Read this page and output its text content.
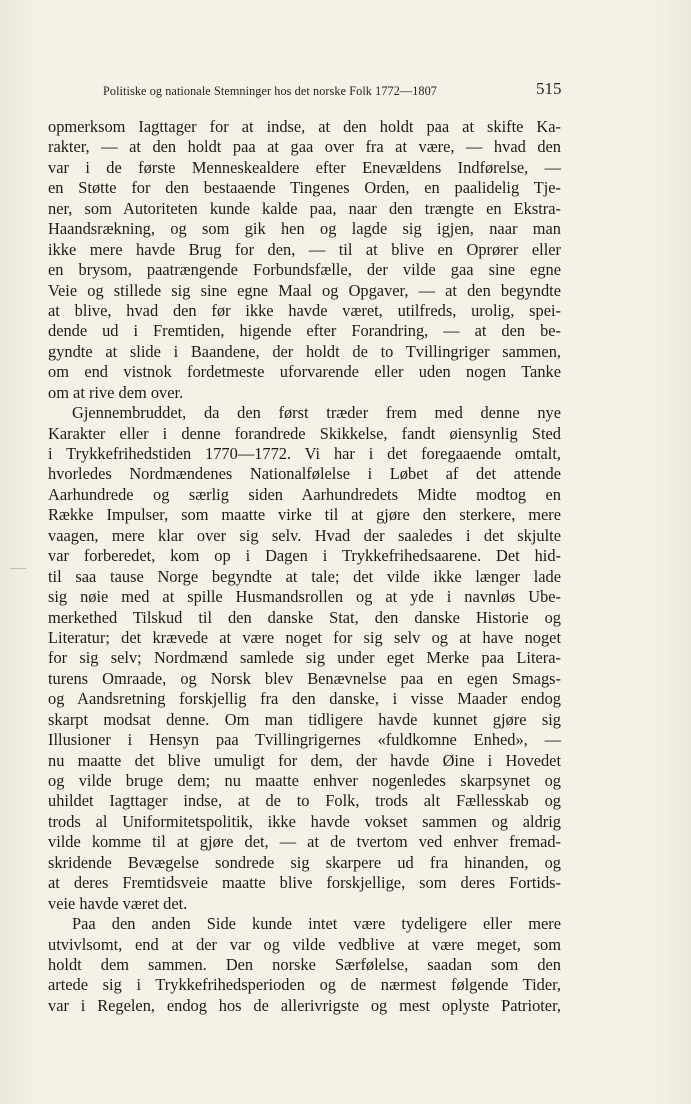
Politiske og nationale Stemninger hos det norske Folk 1772—1807	515
opmerksom Iagttager for at indse, at den holdt paa at skifte Ka-
rakter, — at den holdt paa at gaa over fra at være, — hvad den
var i de første Menneskealdere efter Enevældens Indførelse, —
en Støtte for den bestaaende Tingenes Orden, en paalidelig Tje-
ner, som Autoriteten kunde kalde paa, naar den trængte en Ekstra-
Haandsrækning, og som gik hen og lagde sig igjen, naar man
ikke mere havde Brug for den, — til at blive en Oprører eller
en brysom, paatrængende Forbundsfælle, der vilde gaa sine egne
Veie og stillede sig sine egne Maal og Opgaver, — at den begyndte
at blive, hvad den før ikke havde været, utilfreds, urolig, spei-
dende ud i Fremtiden, higende efter Forandring, — at den be-
gyndte at slide i Baandene, der holdt de to Tvillingriger sammen,
om end vistnok fordetmeste uforvarende eller uden nogen Tanke
om at rive dem over.
Gjennembruddet, da den først træder frem med denne nye
Karakter eller i denne forandrede Skikkelse, fandt øiensynlig Sted
i Trykkefrihedstiden 1770—1772. Vi har i det foregaaende omtalt,
hvorledes Nordmændenes Nationalfølelse i Løbet af det attende
Aarhundrede og særlig siden Aarhundredets Midte modtog en
Række Impulser, som maatte virke til at gjøre den sterkere, mere
vaagen, mere klar over sig selv. Hvad der saaledes i det skjulte
var forberedet, kom op i Dagen i Trykkefrihedsaarene. Det hid-
til saa tause Norge begyndte at tale; det vilde ikke længer lade
sig nøie med at spille Husmandsrollen og at yde i navnløs Ube-
merkethed Tilskud til den danske Stat, den danske Historie og
Literatur; det krævede at være noget for sig selv og at have noget
for sig selv; Nordmænd samlede sig under eget Merke paa Litera-
turens Omraade, og Norsk blev Benævnelse paa en egen Smags-
og Aandsretning forskjellig fra den danske, i visse Maader endog
skarpt modsat denne. Om man tidligere havde kunnet gjøre sig
Illusioner i Hensyn paa Tvillingrigernes «fuldkomne Enhed», —
nu maatte det blive umuligt for dem, der havde Øine i Hovedet
og vilde bruge dem; nu maatte enhver nogenledes skarpsynet og
uhildet Iagttager indse, at de to Folk, trods alt Fællesskab og
trods al Uniformitetspolitik, ikke havde vokset sammen og aldrig
vilde komme til at gjøre det, — at de tvertom ved enhver fremad-
skridende Bevægelse sondrede sig skarpere ud fra hinanden, og
at deres Fremtidsveie maatte blive forskjellige, som deres Fortids-
veie havde været det.
Paa den anden Side kunde intet være tydeligere eller mere
utvivlsomt, end at der var og vilde vedblive at være meget, som
holdt dem sammen. Den norske Særfølelse, saadan som den
artede sig i Trykkefrihedsperioden og de nærmest følgende Tider,
var i Regelen, endog hos de allerivrigste og mest oplyste Patrioter,
